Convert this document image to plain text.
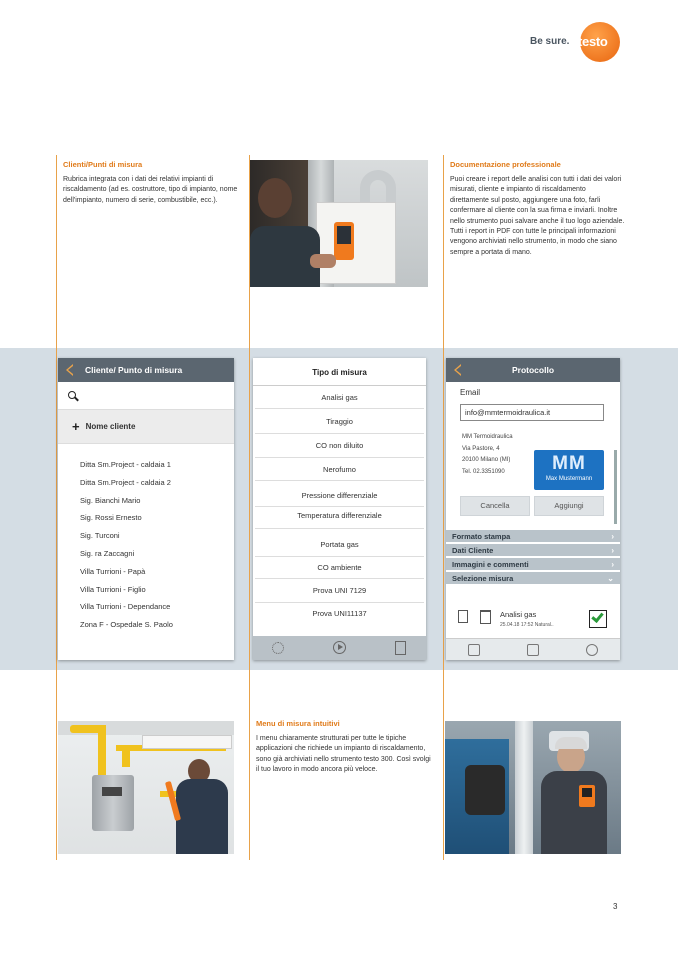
Be sure. testo
Clienti/Punti di misura
Rubrica integrata con i dati dei relativi impianti di riscaldamento (ad es. costruttore, tipo di impianto, nome dell'impianto, numero di serie, combustibile, ecc.).
Documentazione professionale
Puoi creare i report delle analisi con tutti i dati dei valori misurati, cliente e impianto di riscaldamento direttamente sul posto, aggiungere una foto, farli confermare al cliente con la sua firma e inviarli. Inoltre nello strumento puoi salvare anche il tuo logo aziendale. Tutti i report in PDF con tutte le principali informazioni vengono archiviati nello strumento, in modo che siano sempre a portata di mano.
Cliente/ Punto di misura
+ Nome cliente
Ditta Sm.Project - caldaia 1
Ditta Sm.Project - caldaia 2
Sig. Bianchi Mario
Sig. Rossi Ernesto
Sig. Turconi
Sig. ra Zaccagni
Villa Turrioni - Papà
Villa Turrioni - Figlio
Villa Turrioni - Dependance
Zona F - Ospedale S. Paolo
Tipo di misura
Analisi gas
Tiraggio
CO non diluito
Nerofumo
Pressione differenziale
Temperatura differenziale
Portata gas
CO ambiente
Prova UNI 7129
Prova UNI11137
Protocollo
Email
info@mmtermoidraulica.it
MM Termoidraulica
Via Pastore, 4
20100 Milano (MI)
Tel. 02.3351090	MM
Max Mustermann
Cancella	Aggiungi
Formato stampa	›
Dati Cliente	›
Immagini e commenti	›
Selezione misura	⌄
Analisi gas
25.04.18 17:52 Natural..
Menu di misura intuitivi
I menu chiaramente strutturati per tutte le tipiche applicazioni che richiede un impianto di riscaldamento, sono già archiviati nello strumento testo 300. Così svolgi il tuo lavoro in modo ancora più veloce.
3
